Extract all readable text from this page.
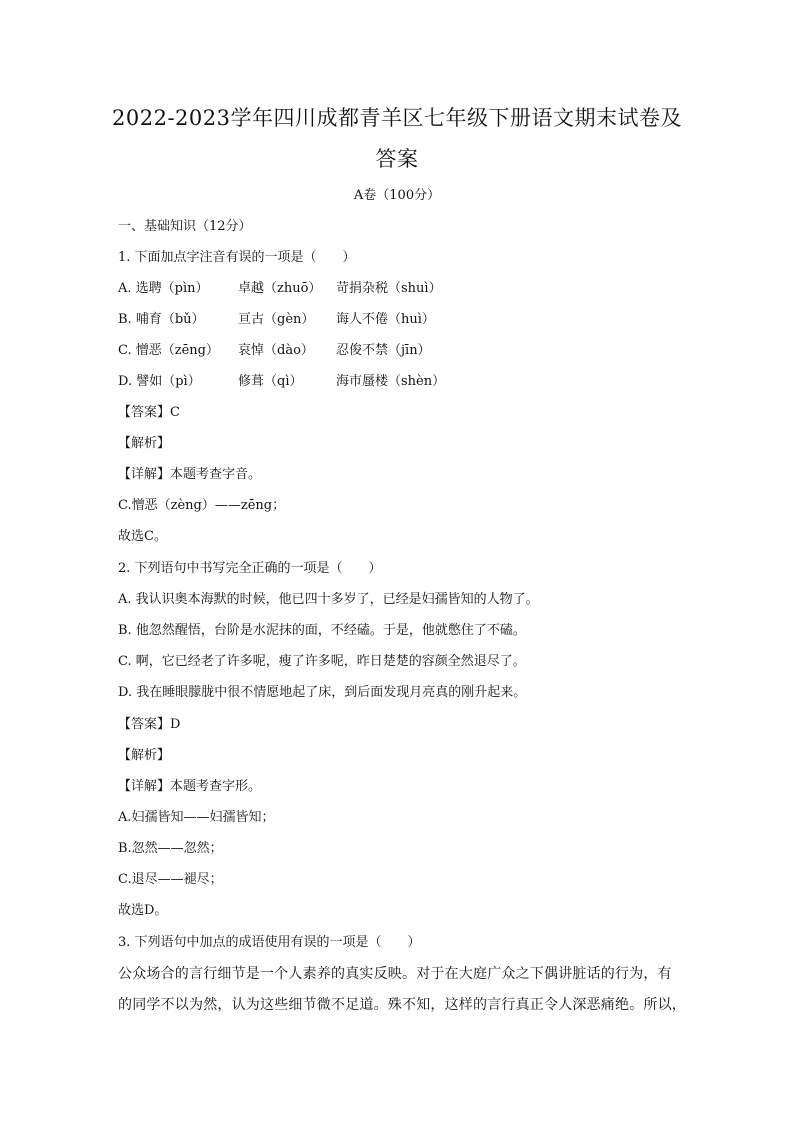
2022-2023学年四川成都青羊区七年级下册语文期末试卷及
答案
A卷（100分）
一、基础知识（12分）
1. 下面加点字注音有误的一项是（　　）
A. 选聘（pìn） 卓越（zhuō） 苛捐杂税（shuì）
B. 哺育（bǔ）	亘古（gèn） 诲人不倦（huì）
C. 憎恶（zēng） 哀悼（dào） 忍俊不禁（jīn）
D. 譬如（pì）	修葺（qì）	海市蜃楼（shèn）
【答案】C
【解析】
【详解】本题考查字音。
C.憎恶（zèng）——zēng；
故选C。
2. 下列语句中书写完全正确的一项是（　　）
A. 我认识奥本海默的时候，他已四十多岁了，已经是妇孺皆知的人物了。
B. 他忽然醒悟，台阶是水泥抹的面，不经磕。于是，他就憋住了不磕。
C. 啊，它已经老了许多呢，瘦了许多呢，昨日楚楚的容颜全然退尽了。
D. 我在睡眼朦胧中很不情愿地起了床，到后面发现月亮真的刚升起来。
【答案】D
【解析】
【详解】本题考查字形。
A.妇孺皆知——妇孺皆知；
B.忽然——忽然；
C.退尽——褪尽；
故选D。
3. 下列语句中加点的成语使用有误的一项是（　　）
公众场合的言行细节是一个人素养的真实反映。对于在大庭广众之下偶讲脏话的行为，有
的同学不以为然，认为这些细节微不足道。殊不知，这样的言行真正令人深恶痛绝。所以，
